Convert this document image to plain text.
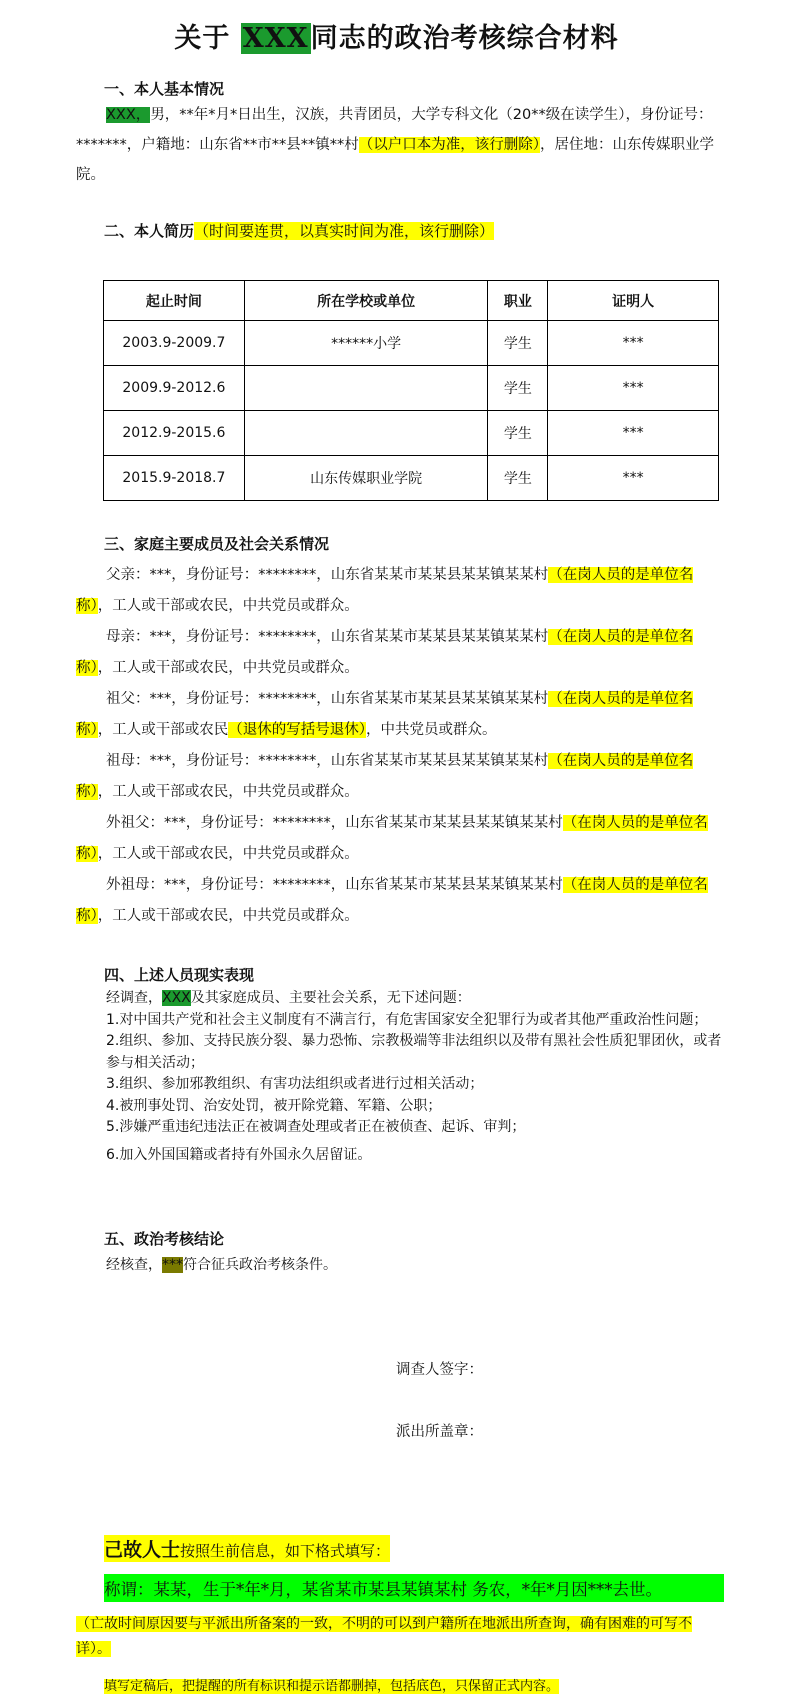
关于 XXX同志的政治考核综合材料
一、本人基本情况
XXX，男，**年*月*日出生，汉族，共青团员，大学专科文化（20**级在读学生），身份证号：*******，户籍地：山东省**市**县**镇**村（以户口本为准，该行删除），居住地：山东传媒职业学院。
二、本人简历（时间要连贯，以真实时间为准，该行删除）
起止时间	所在学校或单位	职业	证明人
2003.9-2009.7	******小学	学生	***
2009.9-2012.6		学生	***
2012.9-2015.6		学生	***
2015.9-2018.7	山东传媒职业学院	学生	***
三、家庭主要成员及社会关系情况
父亲：***，身份证号：********，山东省某某市某某县某某镇某某村（在岗人员的是单位名称），工人或干部或农民，中共党员或群众。
母亲：***，身份证号：********，山东省某某市某某县某某镇某某村（在岗人员的是单位名称），工人或干部或农民，中共党员或群众。
祖父：***，身份证号：********，山东省某某市某某县某某镇某某村（在岗人员的是单位名称），工人或干部或农民（退休的写括号退休），中共党员或群众。
祖母：***，身份证号：********，山东省某某市某某县某某镇某某村（在岗人员的是单位名称），工人或干部或农民，中共党员或群众。
外祖父：***，身份证号：********，山东省某某市某某县某某镇某某村（在岗人员的是单位名称），工人或干部或农民，中共党员或群众。
外祖母：***，身份证号：********，山东省某某市某某县某某镇某某村（在岗人员的是单位名称），工人或干部或农民，中共党员或群众。
四、上述人员现实表现
经调查，XXX及其家庭成员、主要社会关系，无下述问题：
1.对中国共产党和社会主义制度有不满言行，有危害国家安全犯罪行为或者其他严重政治性问题；
2.组织、参加、支持民族分裂、暴力恐怖、宗教极端等非法组织以及带有黑社会性质犯罪团伙，或者参与相关活动；
3.组织、参加邪教组织、有害功法组织或者进行过相关活动；
4.被刑事处罚、治安处罚，被开除党籍、军籍、公职；
5.涉嫌严重违纪违法正在被调查处理或者正在被侦查、起诉、审判；
6.加入外国国籍或者持有外国永久居留证。
五、政治考核结论
经核查，***符合征兵政治考核条件。
调查人签字：
派出所盖章：
己故人士按照生前信息，如下格式填写：
称谓：某某，生于*年*月，某省某市某县某镇某村 务农，*年*月因***去世。
（亡故时间原因要与平派出所备案的一致，不明的可以到户籍所在地派出所查询，确有困难的可写不详）。
填写定稿后，把提醒的所有标识和提示语都删掉，包括底色，只保留正式内容。
